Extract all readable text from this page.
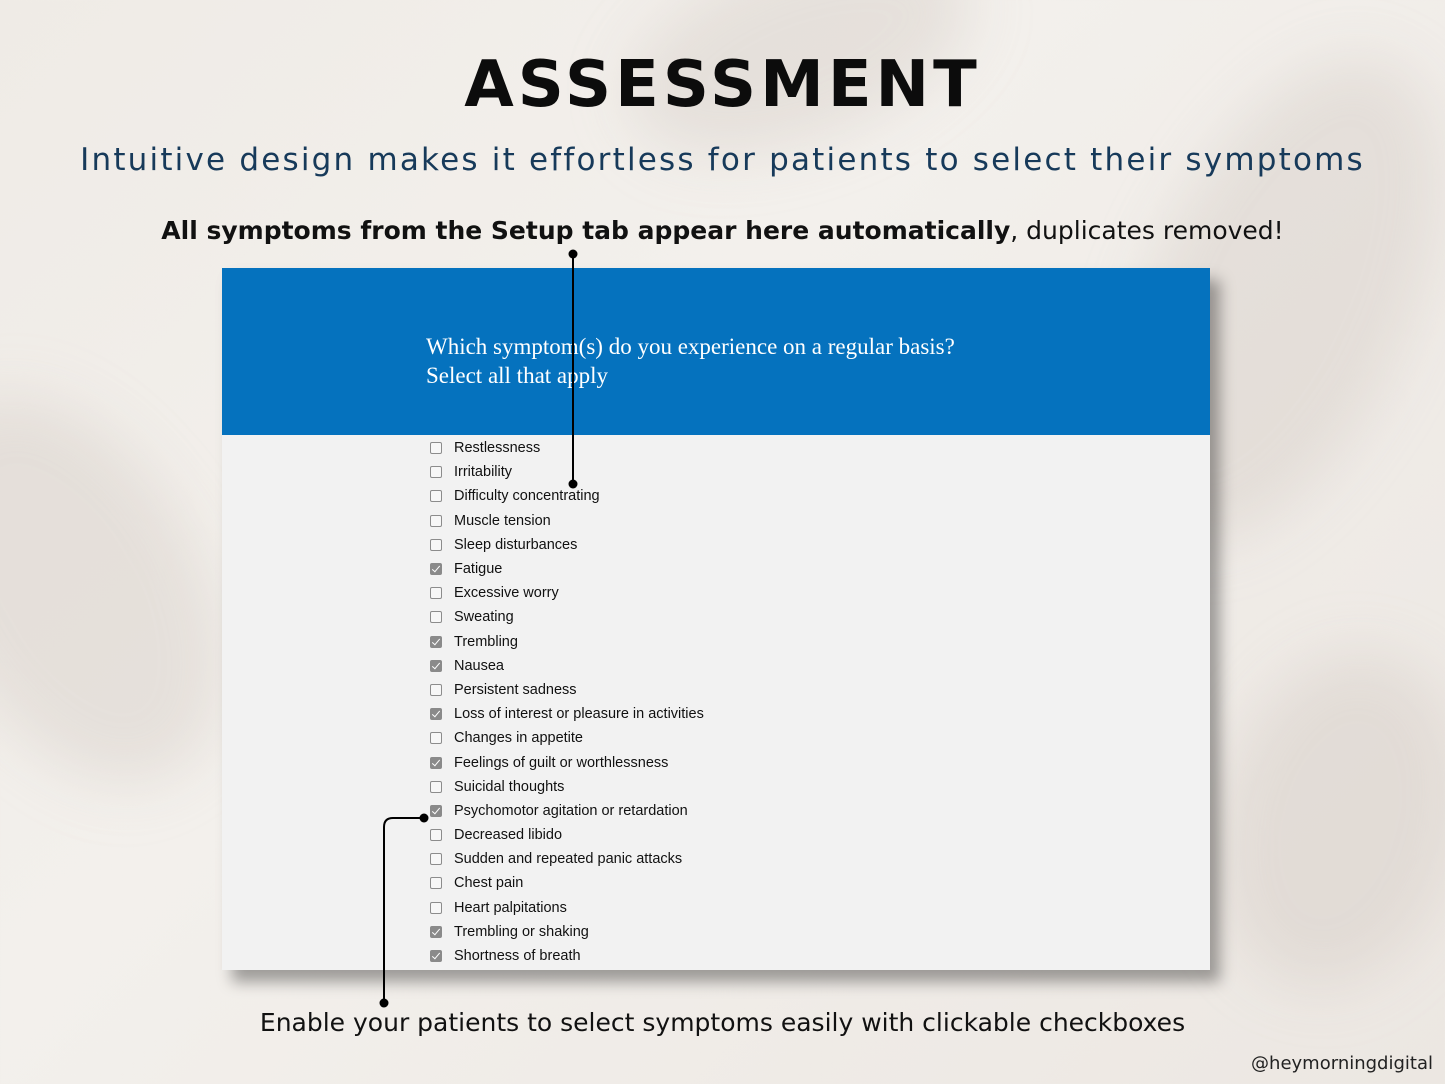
ASSESSMENT

Intuitive design makes it effortless for patients to select their symptoms

All symptoms from the Setup tab appear here automatically, duplicates removed!

Which symptom(s) do you experience on a regular basis?
Select all that apply
Restlessness
Irritability
Difficulty concentrating
Muscle tension
Sleep disturbances
Fatigue
Excessive worry
Sweating
Trembling
Nausea
Persistent sadness
Loss of interest or pleasure in activities
Changes in appetite
Feelings of guilt or worthlessness
Suicidal thoughts
Psychomotor agitation or retardation
Decreased libido
Sudden and repeated panic attacks
Chest pain
Heart palpitations
Trembling or shaking
Shortness of breath

Enable your patients to select symptoms easily with clickable checkboxes

@heymorningdigital
